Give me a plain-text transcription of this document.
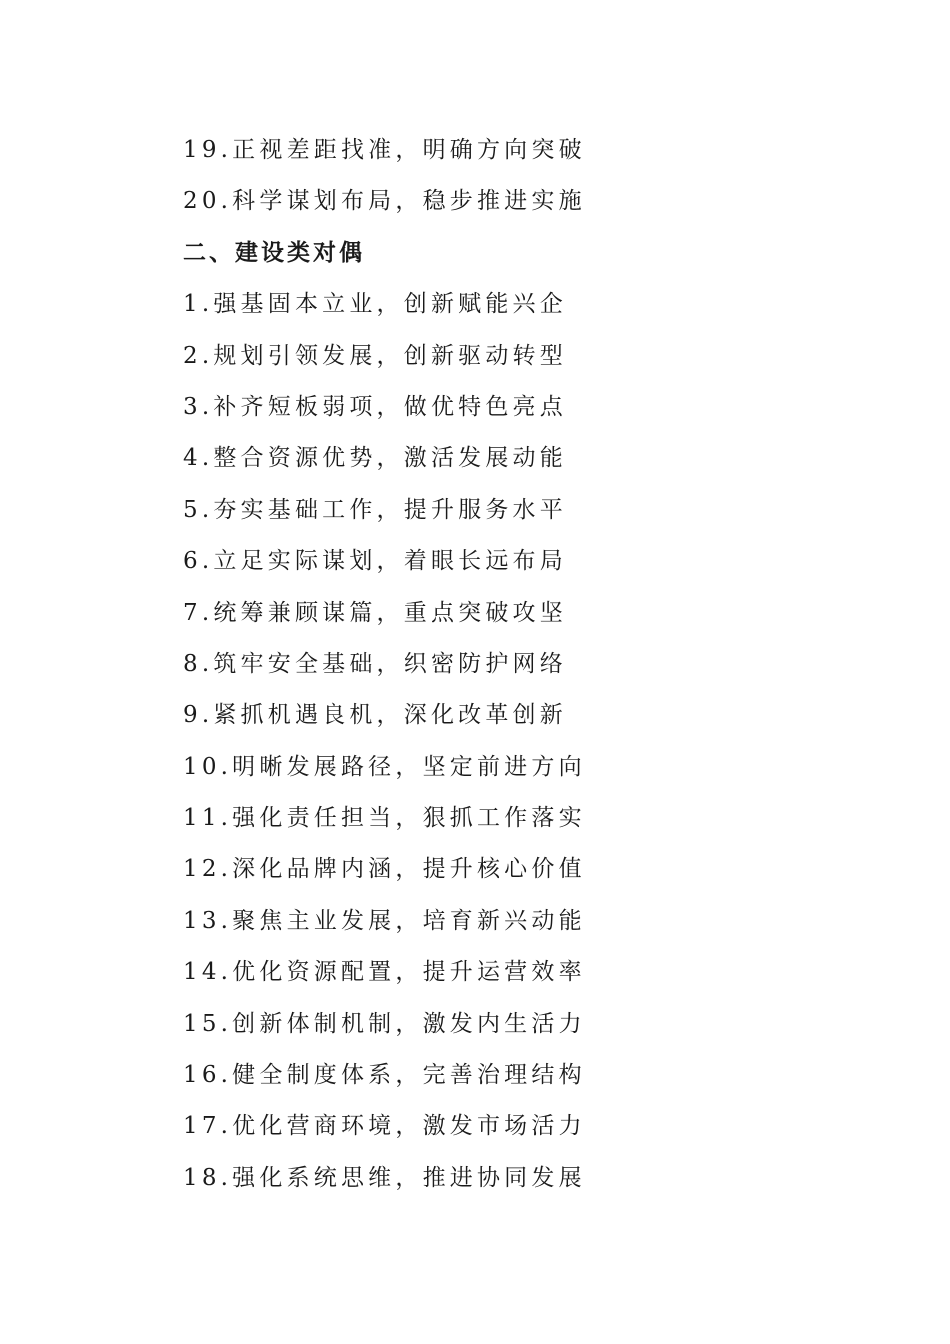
19.正视差距找准，明确方向突破
20.科学谋划布局，稳步推进实施
二、建设类对偶
1.强基固本立业，创新赋能兴企
2.规划引领发展，创新驱动转型
3.补齐短板弱项，做优特色亮点
4.整合资源优势，激活发展动能
5.夯实基础工作，提升服务水平
6.立足实际谋划，着眼长远布局
7.统筹兼顾谋篇，重点突破攻坚
8.筑牢安全基础，织密防护网络
9.紧抓机遇良机，深化改革创新
10.明晰发展路径，坚定前进方向
11.强化责任担当，狠抓工作落实
12.深化品牌内涵，提升核心价值
13.聚焦主业发展，培育新兴动能
14.优化资源配置，提升运营效率
15.创新体制机制，激发内生活力
16.健全制度体系，完善治理结构
17.优化营商环境，激发市场活力
18.强化系统思维，推进协同发展
